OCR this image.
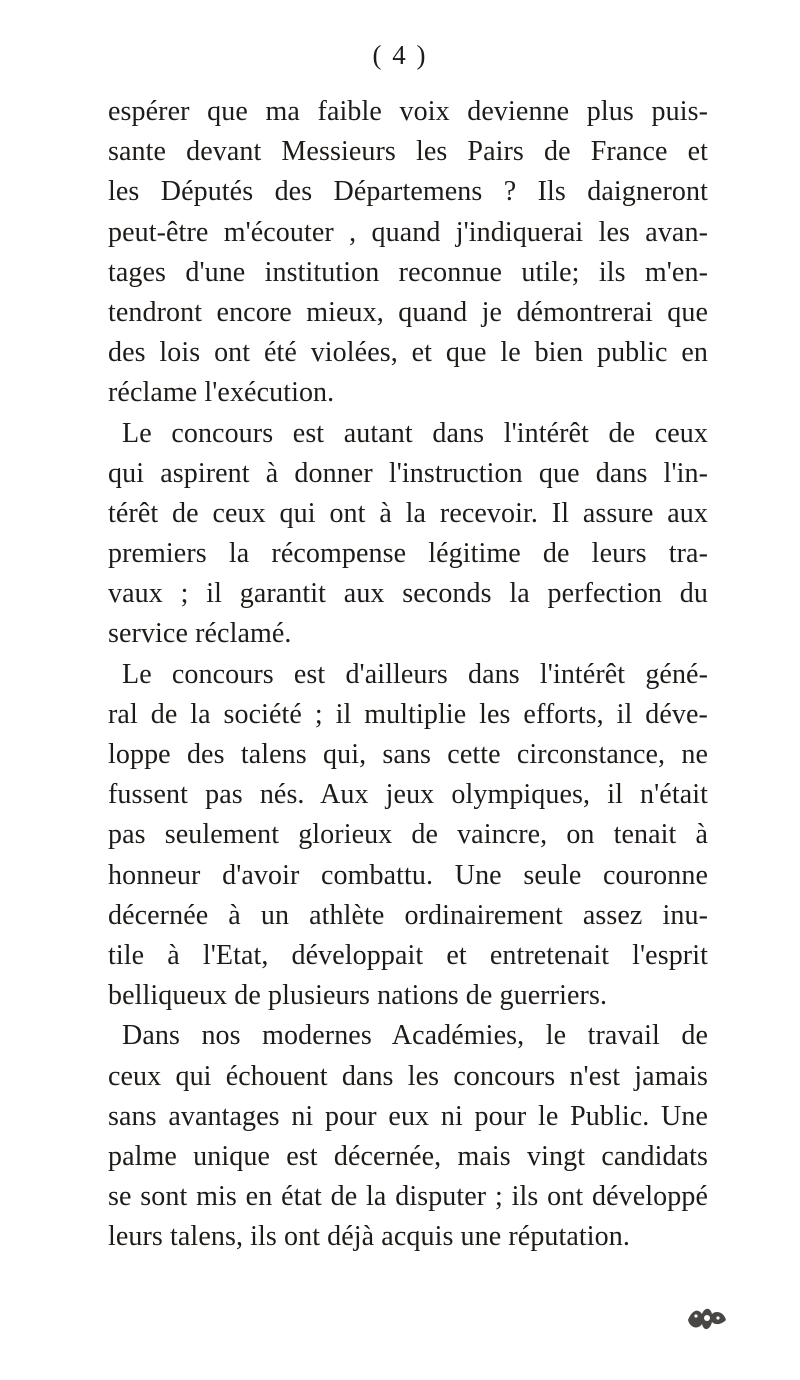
( 4 )
espérer que ma faible voix devienne plus puis-
sante devant Messieurs les Pairs de France et
les Députés des Départemens ? Ils daigneront
peut-être m'écouter , quand j'indiquerai les avan-
tages d'une institution reconnue utile; ils m'en-
tendront encore mieux, quand je démontrerai que
des lois ont été violées, et que le bien public en
réclame l'exécution.
Le concours est autant dans l'intérêt de ceux
qui aspirent à donner l'instruction que dans l'in-
térêt de ceux qui ont à la recevoir. Il assure aux
premiers la récompense légitime de leurs tra-
vaux ; il garantit aux seconds la perfection du
service réclamé.
Le concours est d'ailleurs dans l'intérêt géné-
ral de la société ; il multiplie les efforts, il déve-
loppe des talens qui, sans cette circonstance, ne
fussent pas nés. Aux jeux olympiques, il n'était
pas seulement glorieux de vaincre, on tenait à
honneur d'avoir combattu. Une seule couronne
décernée à un athlète ordinairement assez inu-
tile à l'Etat, développait et entretenait l'esprit
belliqueux de plusieurs nations de guerriers.
Dans nos modernes Académies, le travail de
ceux qui échouent dans les concours n'est jamais
sans avantages ni pour eux ni pour le Public. Une
palme unique est décernée, mais vingt candidats
se sont mis en état de la disputer ; ils ont développé
leurs talens, ils ont déjà acquis une réputation.
